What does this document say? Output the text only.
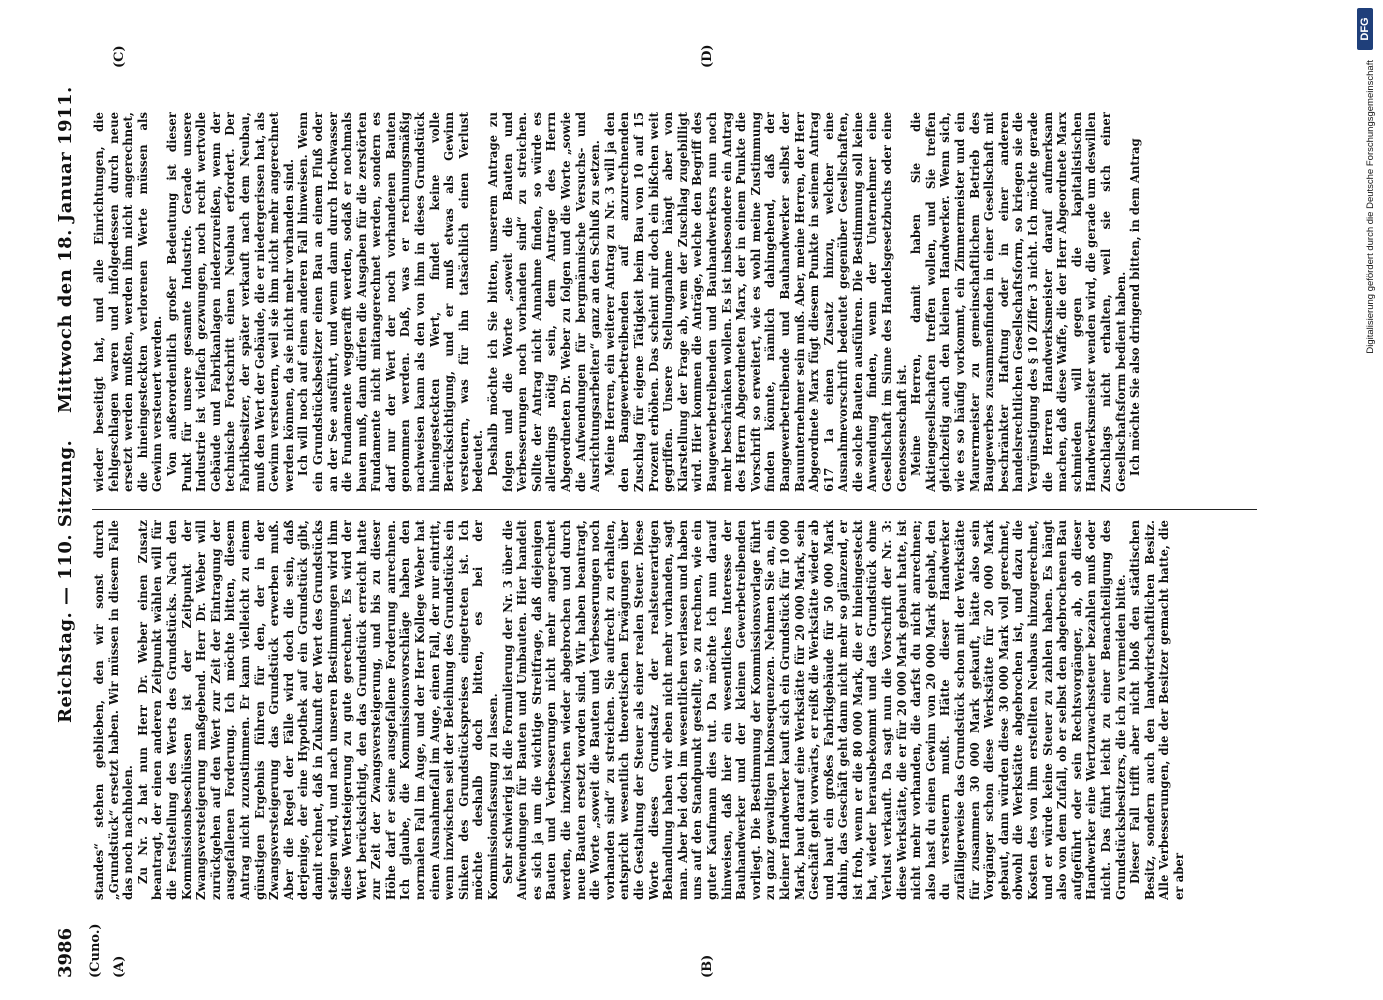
3986
Reichstag. — 110. Sitzung.
Mittwoch den 18. Januar 1911.
(Cuno.) (A)	(B)
(C)	(D)

standes“ stehen geblieben, den wir sonst durch „Grundstück“ ersetzt haben. Wir müssen in diesem Falle das noch nachholen. Zu Nr. 2 hat nun Herr Dr. Weber einen Zusatz beantragt, der einen anderen Zeitpunkt wählen will für die Feststellung des Werts des Grundstücks. Nach den Kommissionsbeschlüssen ist der Zeitpunkt der Zwangsversteigerung maßgebend. Herr Dr. Weber will zurückgehen auf den Wert zur Zeit der Eintragung der ausgefallenen Forderung. Ich möchte bitten, diesem Antrag nicht zuzustimmen. Er kann vielleicht zu einem günstigen Ergebnis führen für den, der in der Zwangsversteigerung das Grundstück erwerben muß. Aber die Regel der Fälle wird doch die sein, daß derjenige, der eine Hypothek auf ein Grundstück gibt, damit rechnet, daß in Zukunft der Wert des Grundstücks steigen wird, und nach unseren Bestimmungen wird ihm diese Wertsteigerung zu gute gerechnet. Es wird der Wert berücksichtigt, den das Grundstück erreicht hatte zur Zeit der Zwangsversteigerung, und bis zu dieser Höhe darf er seine ausgefallene Forderung anrechnen. Ich glaube, die Kommissionsvorschläge haben den normalen Fall im Auge, und der Herr Kollege Weber hat einen Ausnahmefall im Auge, einen Fall, der nur eintritt, wenn inzwischen seit der Beleihung des Grundstücks ein Sinken des Grundstückspreises eingetreten ist. Ich möchte deshalb doch bitten, es bei der Kommissionsfassung zu lassen. Sehr schwierig ist die Formulierung der Nr. 3 über die Aufwendungen für Bauten und Umbauten. Hier handelt es sich ja um die wichtige Streitfrage, daß diejenigen Bauten und Verbesserungen nicht mehr angerechnet werden, die inzwischen wieder abgebrochen und durch neue Bauten ersetzt worden sind. Wir haben beantragt, die Worte „soweit die Bauten und Verbesserungen noch vorhanden sind“ zu streichen. Sie aufrecht zu erhalten, entspricht wesentlich theoretischen Erwägungen über die Gestaltung der Steuer als einer realen Steuer. Diese Worte dieses Grundsatz der realsteuerartigen Behandlung haben wir eben nicht mehr vorhanden, sagt man. Aber bei doch im wesentlichen verlassen und haben uns auf den Standpunkt gestellt, so zu rechnen, wie ein guter Kaufmann dies tut. Da möchte ich nun darauf hinweisen, daß hier ein wesentliches Interesse der Bauhandwerker und der kleinen Gewerbetreibenden vorliegt. Die Bestimmung der Kommissionsvorlage führt zu ganz gewaltigen Inkonsequenzen. Nehmen Sie an, ein kleiner Handwerker kauft sich ein Grundstück für 10 000 Mark, baut darauf eine Werkstätte für 20 000 Mark, sein Geschäft geht vorwärts, er reißt die Werkstätte wieder ab und baut ein großes Fabrikgebäude für 50 000 Mark dahin, das Geschäft geht dann nicht mehr so glänzend, er ist froh, wenn er die 80 000 Mark, die er hineingesteckt hat, wieder herausbekommt und das Grundstück ohne Verlust verkauft. Da sagt nun die Vorschrift der Nr. 3: diese Werkstätte, die er für 20 000 Mark gebaut hatte, ist nicht mehr vorhanden, die darfst du nicht anrechnen; also hast du einen Gewinn von 20 000 Mark gehabt, den du versteuern mußt. Hätte dieser Handwerker zufälligerweise das Grundstück schon mit der Werkstätte für zusammen 30 000 Mark gekauft, hätte also sein Vorgänger schon diese Werkstätte für 20 000 Mark gebaut, dann würden diese 30 000 Mark voll gerechnet, obwohl die Werkstätte abgebrochen ist, und dazu die Kosten des von ihm erstellten Neubaus hinzugerechnet, und er würde keine Steuer zu zahlen haben. Es hängt also von dem Zufall, ob er selbst den abgebrochenen Bau aufgeführt oder sein Rechtsvorgänger, ab, ob dieser Handwerker eine Wertzuwachssteuer bezahlen muß oder nicht. Das führt leicht zu einer Benachteiligung des Grundstücksbesitzers, die ich zu vermeiden bitte. Dieser Fall trifft aber nicht bloß den städtischen Besitz, sondern auch den landwirtschaftlichen Besitz. Alle Verbesserungen, die der Besitzer gemacht hatte, die er aber

wieder beseitigt hat, und alle Einrichtungen, die fehlgeschlagen waren und infolgedessen durch neue ersetzt werden mußten, werden ihm nicht angerechnet, die hineingesteckten verlorenen Werte müssen als Gewinn versteuert werden. Von außerordentlich großer Bedeutung ist dieser Punkt für unsere gesamte Industrie. Gerade unsere Industrie ist vielfach gezwungen, noch recht wertvolle Gebäude und Fabrikanlagen niederzureißen, wenn der technische Fortschritt einen Neubau erfordert. Der Fabrikbesitzer, der später verkauft nach dem Neubau, muß den Wert der Gebäude, die er niedergerissen hat, als Gewinn versteuern, weil sie ihm nicht mehr angerechnet werden können, da sie nicht mehr vorhanden sind. Ich will noch auf einen anderen Fall hinweisen. Wenn ein Grundstücksbesitzer einen Bau an einem Fluß oder an der See ausführt, und wenn dann durch Hochwasser die Fundamente weggerafft werden, sodaß er nochmals bauen muß, dann dürfen die Ausgaben für die zerstörten Fundamente nicht mitangerechnet werden, sondern es darf nur der Wert der noch vorhandenen Bauten genommen werden. Daß, was er rechnungsmäßig nachweisen kann als den von ihm in dieses Grundstück hineingesteckten Wert, findet keine volle Berücksichtigung, und er muß etwas als Gewinn versteuern, was für ihn tatsächlich einen Verlust bedeutet. Deshalb möchte ich Sie bitten, unserem Antrage zu folgen und die Worte „soweit die Bauten und Verbesserungen noch vorhanden sind“ zu streichen. Sollte der Antrag nicht Annahme finden, so würde es allerdings nötig sein, dem Antrage des Herrn Abgeordneten Dr. Weber zu folgen und die Worte „sowie die Aufwendungen für bergmännische Versuchs- und Ausrichtungsarbeiten“ ganz an den Schluß zu setzen. Meine Herren, ein weiterer Antrag zu Nr. 3 will ja den den Bangewerbetreibenden auf anzurechnenden Zuschlag für eigene Tätigkeit beim Bau von 10 auf 15 Prozent erhöhen. Das scheint mir doch ein bißchen weit gegriffen. Unsere Stellungnahme hängt aber von Klarstellung der Frage ab, wem der Zuschlag zugebilligt wird. Hier kommen die Anträge, welche den Begriff des Baugewerbetreibenden und Bauhandwerkers nun noch mehr beschränken wollen. Es ist insbesondere ein Antrag des Herrn Abgeordneten Marx, der in einem Punkte die Vorschrift so erweitert, wie es wohl meine Zustimmung finden könnte, nämlich dahingehend, daß der Bangewerbetreibende und Bauhandwerker selbst der Bauunternehmer sein muß. Aber, meine Herren, der Herr Abgeordnete Marx fügt diesem Punkte in seinem Antrag 617 1a einen Zusatz hinzu, welcher eine Ausnahmevorschrift bedeutet gegenüber Gesellschaften, die solche Bauten ausführen. Die Bestimmung soll keine Anwendung finden, wenn der Unternehmer eine Gesellschaft im Sinne des Handelsgesetzbuchs oder eine Genossenschaft ist. Meine Herren, damit haben Sie die Aktiengesellschaften treffen wollen, und Sie treffen gleichzeitig auch den kleinen Handwerker. Wenn sich, wie es so häufig vorkommt, ein Zimmermeister und ein Maurermeister zu gemeinschaftlichem Betrieb des Baugewerbes zusammenfinden in einer Gesellschaft mit beschränkter Haftung oder in einer anderen handelsrechtlichen Gesellschaftsform, so kriegen sie die Vergünstigung des § 10 Ziffer 3 nicht. Ich möchte gerade die Herren Handwerksmeister darauf aufmerksam machen, daß diese Waffe, die der Herr Abgeordnete Marx schmieden will gegen die kapitalistischen Handwerksmeister wenden wird, die gerade um deswillen Zuschlags nicht erhalten, weil sie sich einer Gesellschaftsform bedient haben. Ich möchte Sie also dringend bitten, in dem Antrag	Digitalisierung gefördert durch die Deutsche Forschungsgemeinschaft
DFG
